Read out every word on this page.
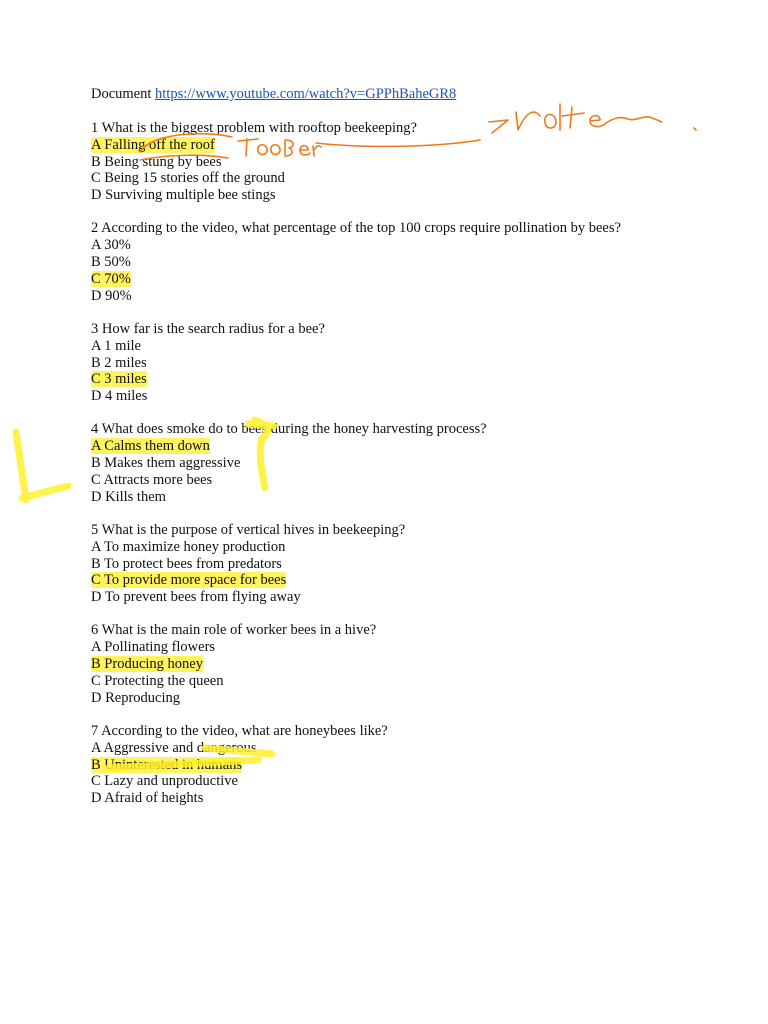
Document https://www.youtube.com/watch?v=GPPhBaheGR8
1 What is the biggest problem with rooftop beekeeping?
A Falling off the roof
B Being stung by bees
C Being 15 stories off the ground
D Surviving multiple bee stings
2 According to the video, what percentage of the top 100 crops require pollination by bees?
A 30%
B 50%
C 70%
D 90%
3 How far is the search radius for a bee?
A 1 mile
B 2 miles
C 3 miles
D 4 miles
4 What does smoke do to bees during the honey harvesting process?
A Calms them down
B Makes them aggressive
C Attracts more bees
D Kills them
5 What is the purpose of vertical hives in beekeeping?
A To maximize honey production
B To protect bees from predators
C To provide more space for bees
D To prevent bees from flying away
6 What is the main role of worker bees in a hive?
A Pollinating flowers
B Producing honey
C Protecting the queen
D Reproducing
7 According to the video, what are honeybees like?
A Aggressive and dangerous
B Uninterested in humans
C Lazy and unproductive
D Afraid of heights
